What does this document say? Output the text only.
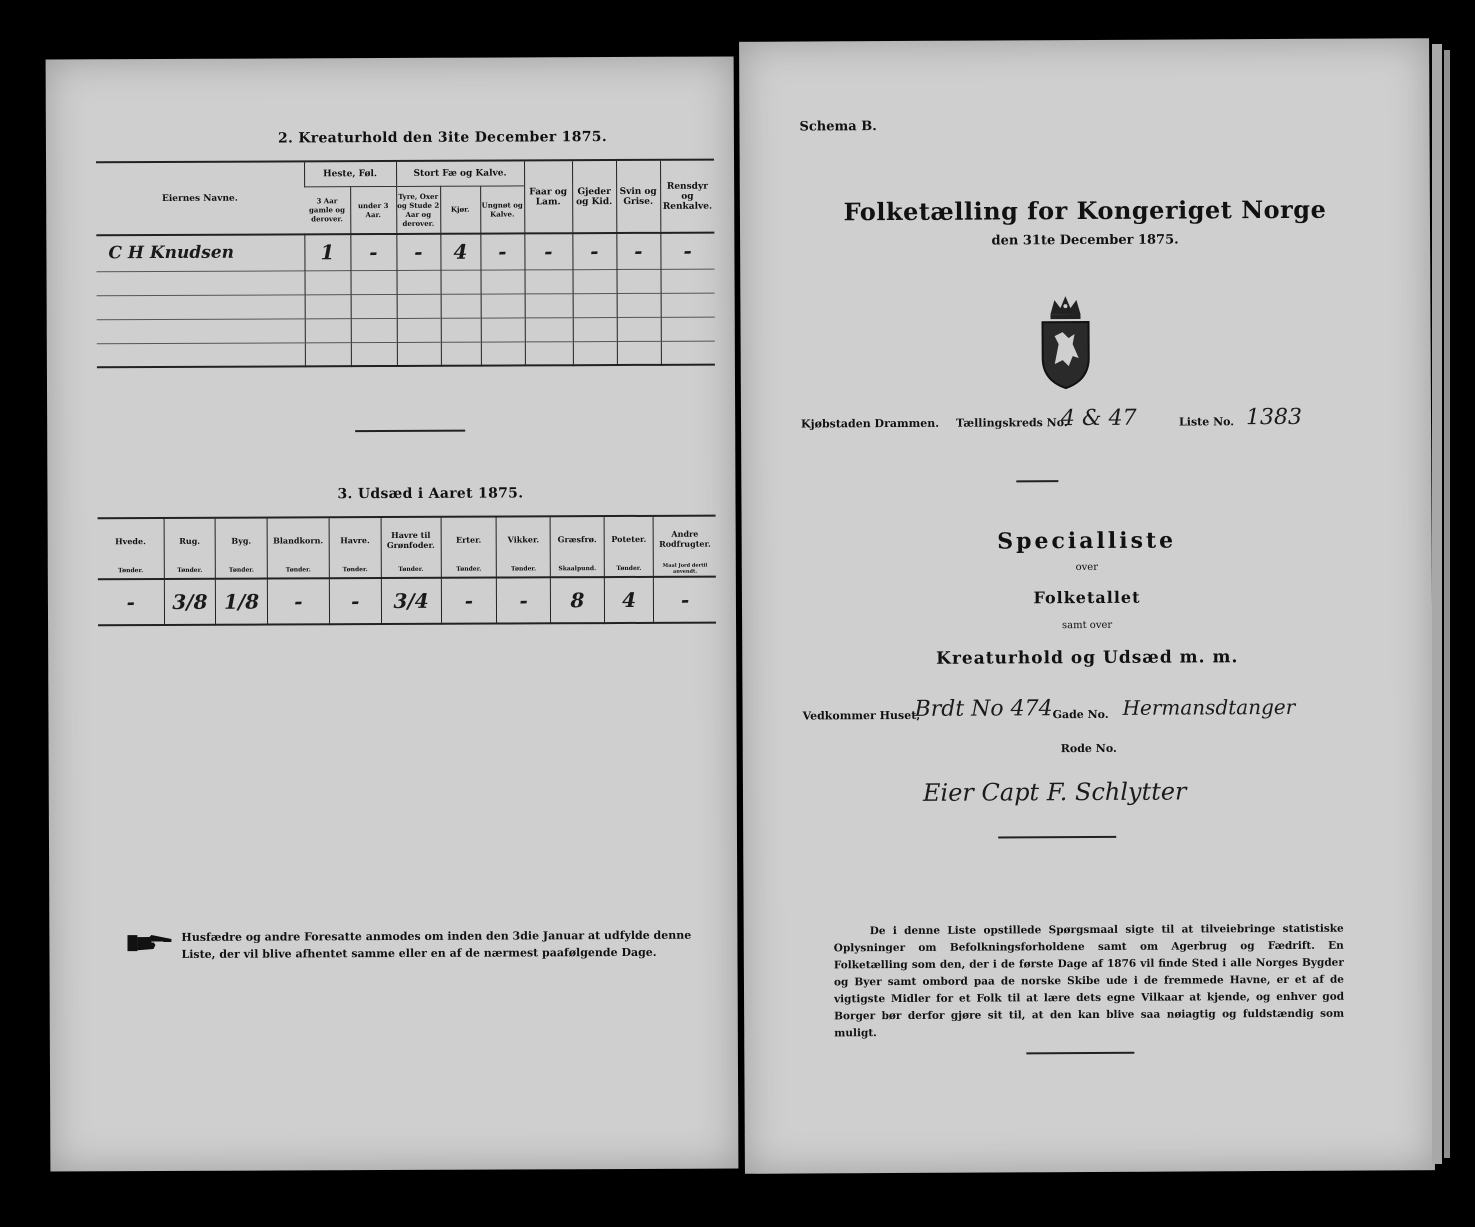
2. Kreaturhold den 3ite December 1875.
Eiernes Navne.	Heste, Føl.		Stort Fæ og Kalve.			Faar og Lam.	Gjeder og Kid.	Svin og Grise.	Rensdyr og Renkalve.
	3 Aar gamle og derover.	under 3 Aar.	Tyre, Oxer og Stude 2 Aar og derover.	Kjør.	Ungnøt og Kalve.				
C H Knudsen	1	-	-	4	-	-	-	-	-

3. Udsæd i Aaret 1875.
Hvede.	Rug.	Byg.	Blandkorn.	Havre.	Havre til Grønfoder.	Erter.	Vikker.	Græsfrø.	Poteter.	Andre Rodfrugter.
Tønder.	Tønder.	Tønder.	Tønder.	Tønder.	Tønder.	Tønder.	Tønder.	Skaalpund.	Tønder.	Maal Jord dertil anvendt.
-	3/8	1/8	-	-	3/4	-	-	8	4	-
Husfædre og andre Foresatte anmodes om inden den 3die Januar at udfylde denne Liste, der vil blive afhentet samme eller en af de nærmest paafølgende Dage.
Schema B.
Folketælling for Kongeriget Norge
den 31te December 1875.
Kjøbstaden Drammen. Tællingskreds No.
4 & 47	Liste No. 1383
Specialliste
over
Folketallet
samt over
Kreaturhold og Udsæd m. m.
Vedkommer Huset,
Brdt No 474 Gade No. Hermansdtanger
Rode No.
Eier Capt F. Schlytter
De i denne Liste opstillede Spørgsmaal sigte til at tilveiebringe statistiske Oplysninger om Befolkningsforholdene samt om Agerbrug og Fædrift. En Folketælling som den, der i de første Dage af 1876 vil finde Sted i alle Norges Bygder og Byer samt ombord paa de norske Skibe ude i de fremmede Havne, er et af de vigtigste Midler for et Folk til at lære dets egne Vilkaar at kjende, og enhver god Borger bør derfor gjøre sit til, at den kan blive saa nøiagtig og fuldstændig som muligt.
